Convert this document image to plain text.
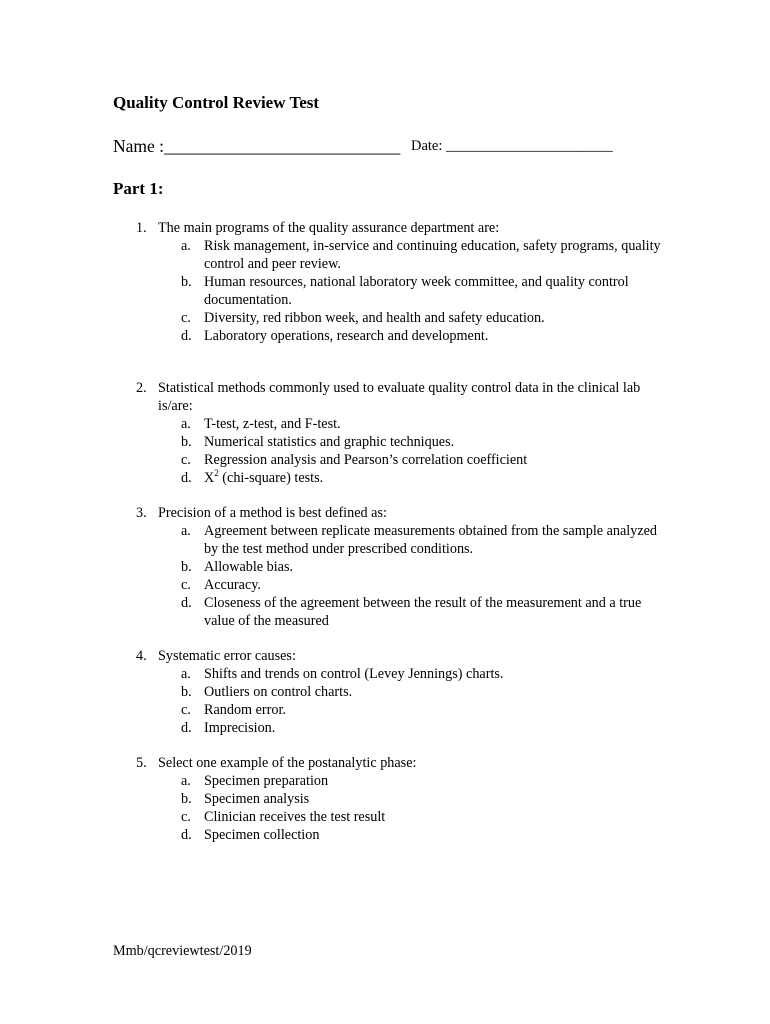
Quality Control Review Test
Name :___________________________ Date: _______________________
Part 1:
1. The main programs of the quality assurance department are:
a. Risk management, in-service and continuing education, safety programs, quality control and peer review.
b. Human resources, national laboratory week committee, and quality control documentation.
c. Diversity, red ribbon week, and health and safety education.
d. Laboratory operations, research and development.
2. Statistical methods commonly used to evaluate quality control data in the clinical lab is/are:
a. T-test, z-test, and F-test.
b. Numerical statistics and graphic techniques.
c. Regression analysis and Pearson’s correlation coefficient
d. $X^2$ (chi-square) tests.
3. Precision of a method is best defined as:
a. Agreement between replicate measurements obtained from the sample analyzed by the test method under prescribed conditions.
b. Allowable bias.
c. Accuracy.
d. Closeness of the agreement between the result of the measurement and a true value of the measured
4. Systematic error causes:
a. Shifts and trends on control (Levey Jennings) charts.
b. Outliers on control charts.
c. Random error.
d. Imprecision.
5. Select one example of the postanalytic phase:
a. Specimen preparation
b. Specimen analysis
c. Clinician receives the test result
d. Specimen collection
Mmb/qcreviewtest/2019
